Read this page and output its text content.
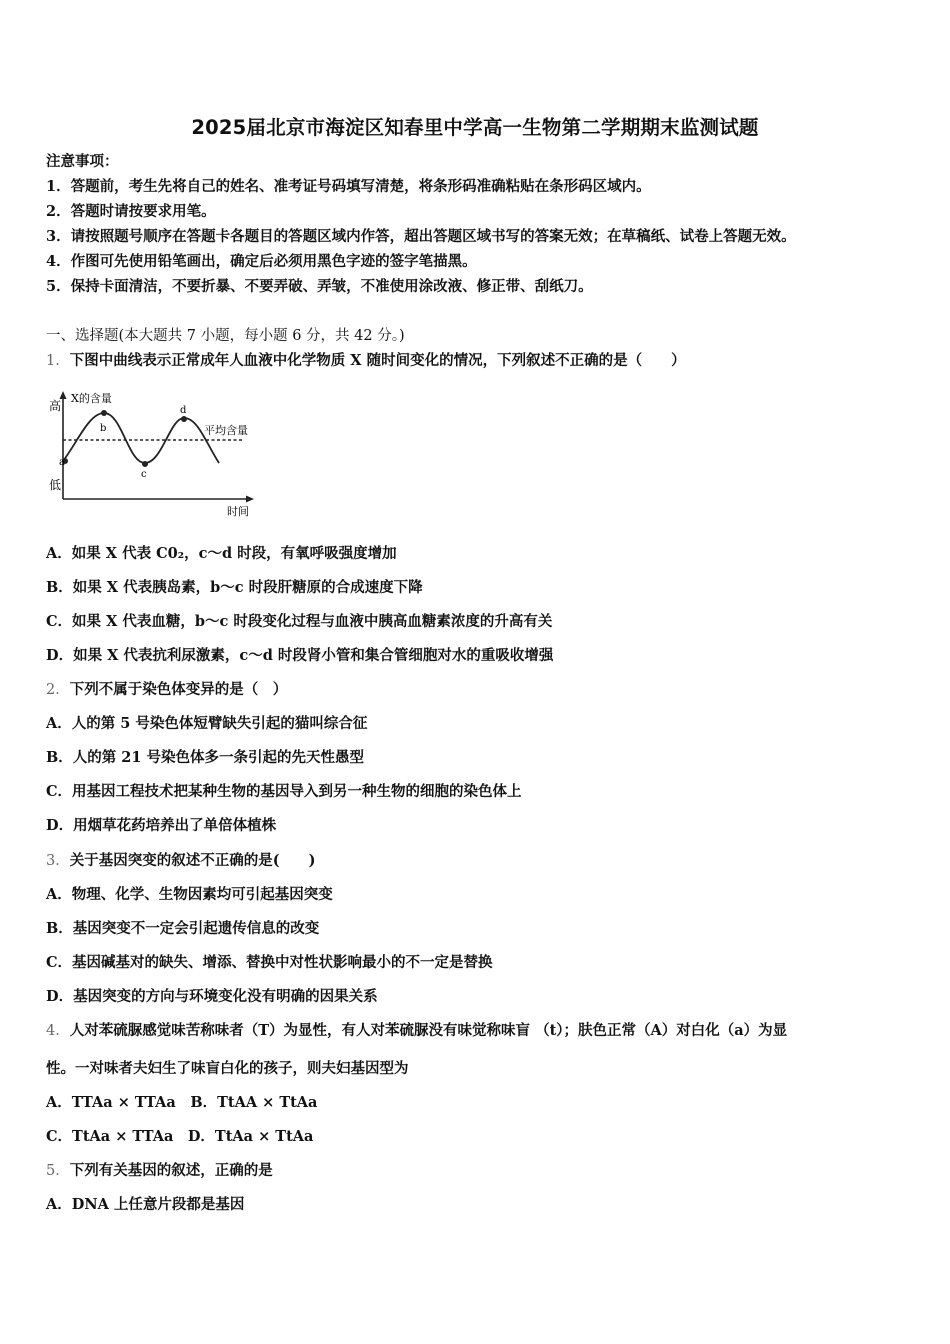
2025届北京市海淀区知春里中学高一生物第二学期期末监测试题
注意事项：
1．答题前，考生先将自己的姓名、准考证号码填写清楚，将条形码准确粘贴在条形码区域内。
2．答题时请按要求用笔。
3．请按照题号顺序在答题卡各题目的答题区域内作答，超出答题区域书写的答案无效；在草稿纸、试卷上答题无效。
4．作图可先使用铅笔画出，确定后必须用黑色字迹的签字笔描黑。
5．保持卡面清洁，不要折暴、不要弄破、弄皱，不准使用涂改液、修正带、刮纸刀。
一、选择题(本大题共 7 小题，每小题 6 分，共 42 分。)
1．下图中曲线表示正常成年人血液中化学物质 X 随时间变化的情况，下列叙述不正确的是（　　）
X的含量
高
低
时间
平均含量
a
b
c
d
A．如果 X 代表 C0₂，c～d 时段，有氧呼吸强度增加
B．如果 X 代表胰岛素，b～c 时段肝糖原的合成速度下降
C．如果 X 代表血糖，b～c 时段变化过程与血液中胰高血糖素浓度的升高有关
D．如果 X 代表抗利尿激素，c～d 时段肾小管和集合管细胞对水的重吸收增强
2．下列不属于染色体变异的是（　）
A．人的第 5 号染色体短臂缺失引起的猫叫综合征
B．人的第 21 号染色体多一条引起的先天性愚型
C．用基因工程技术把某种生物的基因导入到另一种生物的细胞的染色体上
D．用烟草花药培养出了单倍体植株
3．关于基因突变的叙述不正确的是(　　)
A．物理、化学、生物因素均可引起基因突变
B．基因突变不一定会引起遗传信息的改变
C．基因碱基对的缺失、增添、替换中对性状影响最小的不一定是替换
D．基因突变的方向与环境变化没有明确的因果关系
4．人对苯硫脲感觉味苦称味者（T）为显性，有人对苯硫脲没有味觉称味盲 （t）；肤色正常（A）对白化（a）为显
性。一对味者夫妇生了味盲白化的孩子，则夫妇基因型为
A．TTAa × TTAa　B．TtAA × TtAa
C．TtAa × TTAa　D．TtAa × TtAa
5．下列有关基因的叙述，正确的是
A．DNA 上任意片段都是基因
